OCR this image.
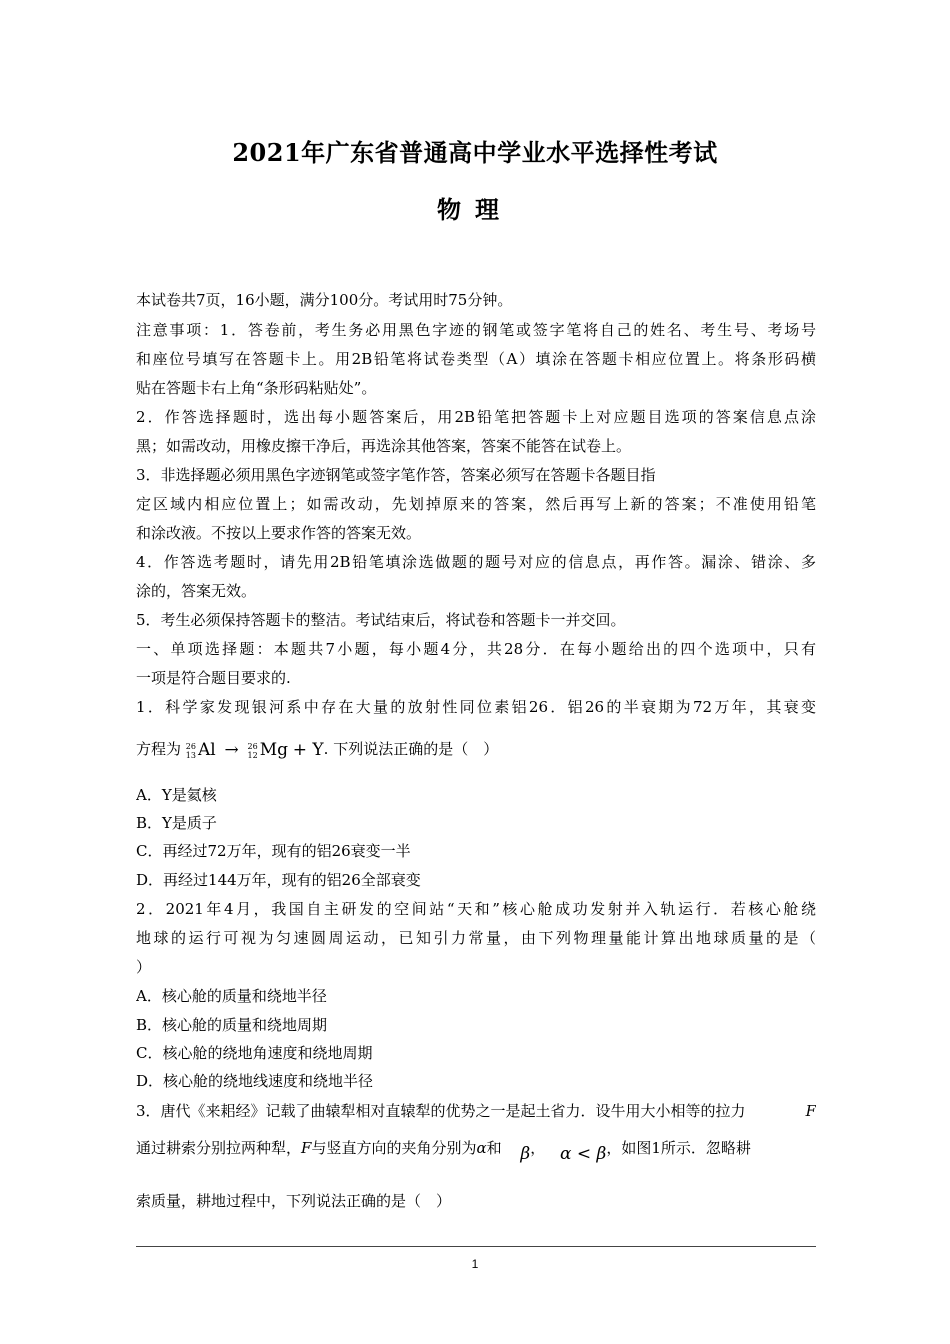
2021年广东省普通高中学业水平选择性考试
物理
本试卷共7页，16小题，满分100分。考试用时75分钟。
注意事项：1．答卷前，考生务必用黑色字迹的钢笔或签字笔将自己的姓名、考生号、考场号
和座位号填写在答题卡上。用2B铅笔将试卷类型（A）填涂在答题卡相应位置上。将条形码横
贴在答题卡右上角“条形码粘贴处”。
2．作答选择题时，选出每小题答案后，用2B铅笔把答题卡上对应题目选项的答案信息点涂
黑；如需改动，用橡皮擦干净后，再选涂其他答案，答案不能答在试卷上。
3．非选择题必须用黑色字迹钢笔或签字笔作答，答案必须写在答题卡各题目指
定区域内相应位置上；如需改动，先划掉原来的答案，然后再写上新的答案；不准使用铅笔
和涂改液。不按以上要求作答的答案无效。
4．作答选考题时，请先用2B铅笔填涂选做题的题号对应的信息点，再作答。漏涂、错涂、多
涂的，答案无效。
5．考生必须保持答题卡的整洁。考试结束后，将试卷和答题卡一并交回。
一、单项选择题：本题共7小题，每小题4分，共28分．在每小题给出的四个选项中，只有
一项是符合题目要求的.
1．科学家发现银河系中存在大量的放射性同位素铝26．铝26的半衰期为72万年，其衰变
方程为 26
13 Al → 26
12 Mg + Y. 下列说法正确的是（　）
A．Y是氦核
B．Y是质子
C．再经过72万年，现有的铝26衰变一半
D．再经过144万年，现有的铝26全部衰变
2．2021年4月，我国自主研发的空间站“天和”核心舱成功发射并入轨运行．若核心舱绕
地球的运行可视为匀速圆周运动，已知引力常量，由下列物理量能计算出地球质量的是（
）
A．核心舱的质量和绕地半径
B．核心舱的质量和绕地周期
C．核心舱的绕地角速度和绕地周期
D．核心舱的绕地线速度和绕地半径
3．唐代《来耜经》记载了曲辕犁相对直辕犁的优势之一是起土省力．设牛用大小相等的拉力	F
通过耕索分别拉两种犁，F与竖直方向的夹角分别为α和 β， α < β，如图1所示．忽略耕
索质量，耕地过程中，下列说法正确的是（　）
1
